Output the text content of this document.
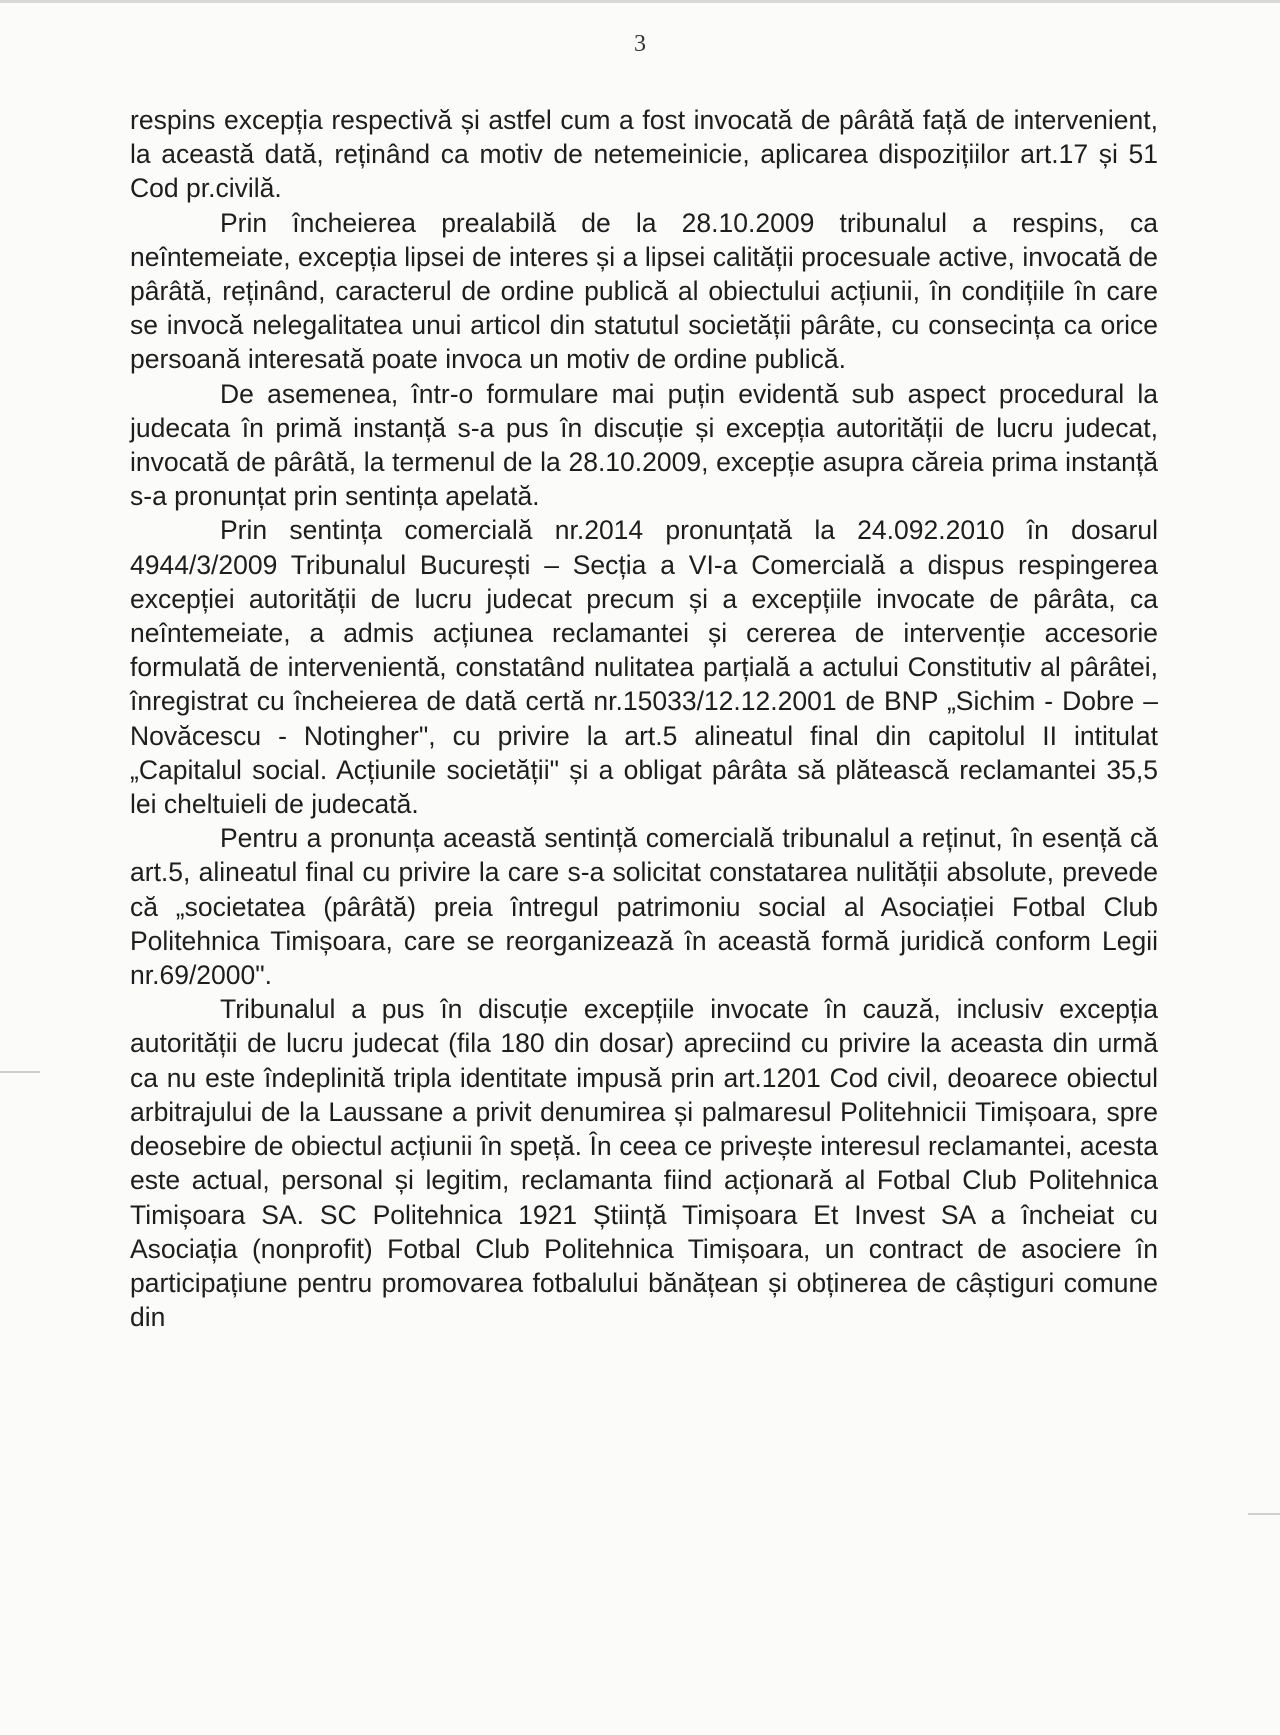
3

respins excepția respectivă și astfel cum a fost invocată de pârâtă față de intervenient, la această dată, reținând ca motiv de netemeinicie, aplicarea dispozițiilor art.17 și 51 Cod pr.civilă.

Prin încheierea prealabilă de la 28.10.2009 tribunalul a respins, ca neîntemeiate, excepția lipsei de interes și a lipsei calității procesuale active, invocată de pârâtă, reținând, caracterul de ordine publică al obiectului acțiunii, în condițiile în care se invocă nelegalitatea unui articol din statutul societății pârâte, cu consecința ca orice persoană interesată poate invoca un motiv de ordine publică.

De asemenea, într-o formulare mai puțin evidentă sub aspect procedural la judecata în primă instanță s-a pus în discuție și excepția autorității de lucru judecat, invocată de pârâtă, la termenul de la 28.10.2009, excepție asupra căreia prima instanță s-a pronunțat prin sentința apelată.

Prin sentința comercială nr.2014 pronunțată la 24.092.2010 în dosarul 4944/3/2009 Tribunalul București – Secția a VI-a Comercială a dispus respingerea excepției autorității de lucru judecat precum și a excepțiile invocate de pârâta, ca neîntemeiate, a admis acțiunea reclamantei și cererea de intervenție accesorie formulată de intervenientă, constatând nulitatea parțială a actului Constitutiv al pârâtei, înregistrat cu încheierea de dată certă nr.15033/12.12.2001 de BNP „Sichim - Dobre – Novăcescu - Notingher", cu privire la art.5 alineatul final din capitolul II intitulat „Capitalul social. Acțiunile societății" și a obligat pârâta să plătească reclamantei 35,5 lei cheltuieli de judecată.

Pentru a pronunța această sentință comercială tribunalul a reținut, în esență că art.5, alineatul final cu privire la care s-a solicitat constatarea nulității absolute, prevede că „societatea (pârâtă) preia întregul patrimoniu social al Asociației Fotbal Club Politehnica Timișoara, care se reorganizează în această formă juridică conform Legii nr.69/2000".

Tribunalul a pus în discuție excepțiile invocate în cauză, inclusiv excepția autorității de lucru judecat (fila 180 din dosar) apreciind cu privire la aceasta din urmă ca nu este îndeplinită tripla identitate impusă prin art.1201 Cod civil, deoarece obiectul arbitrajului de la Laussane a privit denumirea și palmaresul Politehnicii Timișoara, spre deosebire de obiectul acțiunii în speță. În ceea ce privește interesul reclamantei, acesta este actual, personal și legitim, reclamanta fiind acționară al Fotbal Club Politehnica Timișoara SA. SC Politehnica 1921 Știință Timișoara Et Invest SA a încheiat cu Asociația (nonprofit) Fotbal Club Politehnica Timișoara, un contract de asociere în participațiune pentru promovarea fotbalului bănățean și obținerea de câștiguri comune din
